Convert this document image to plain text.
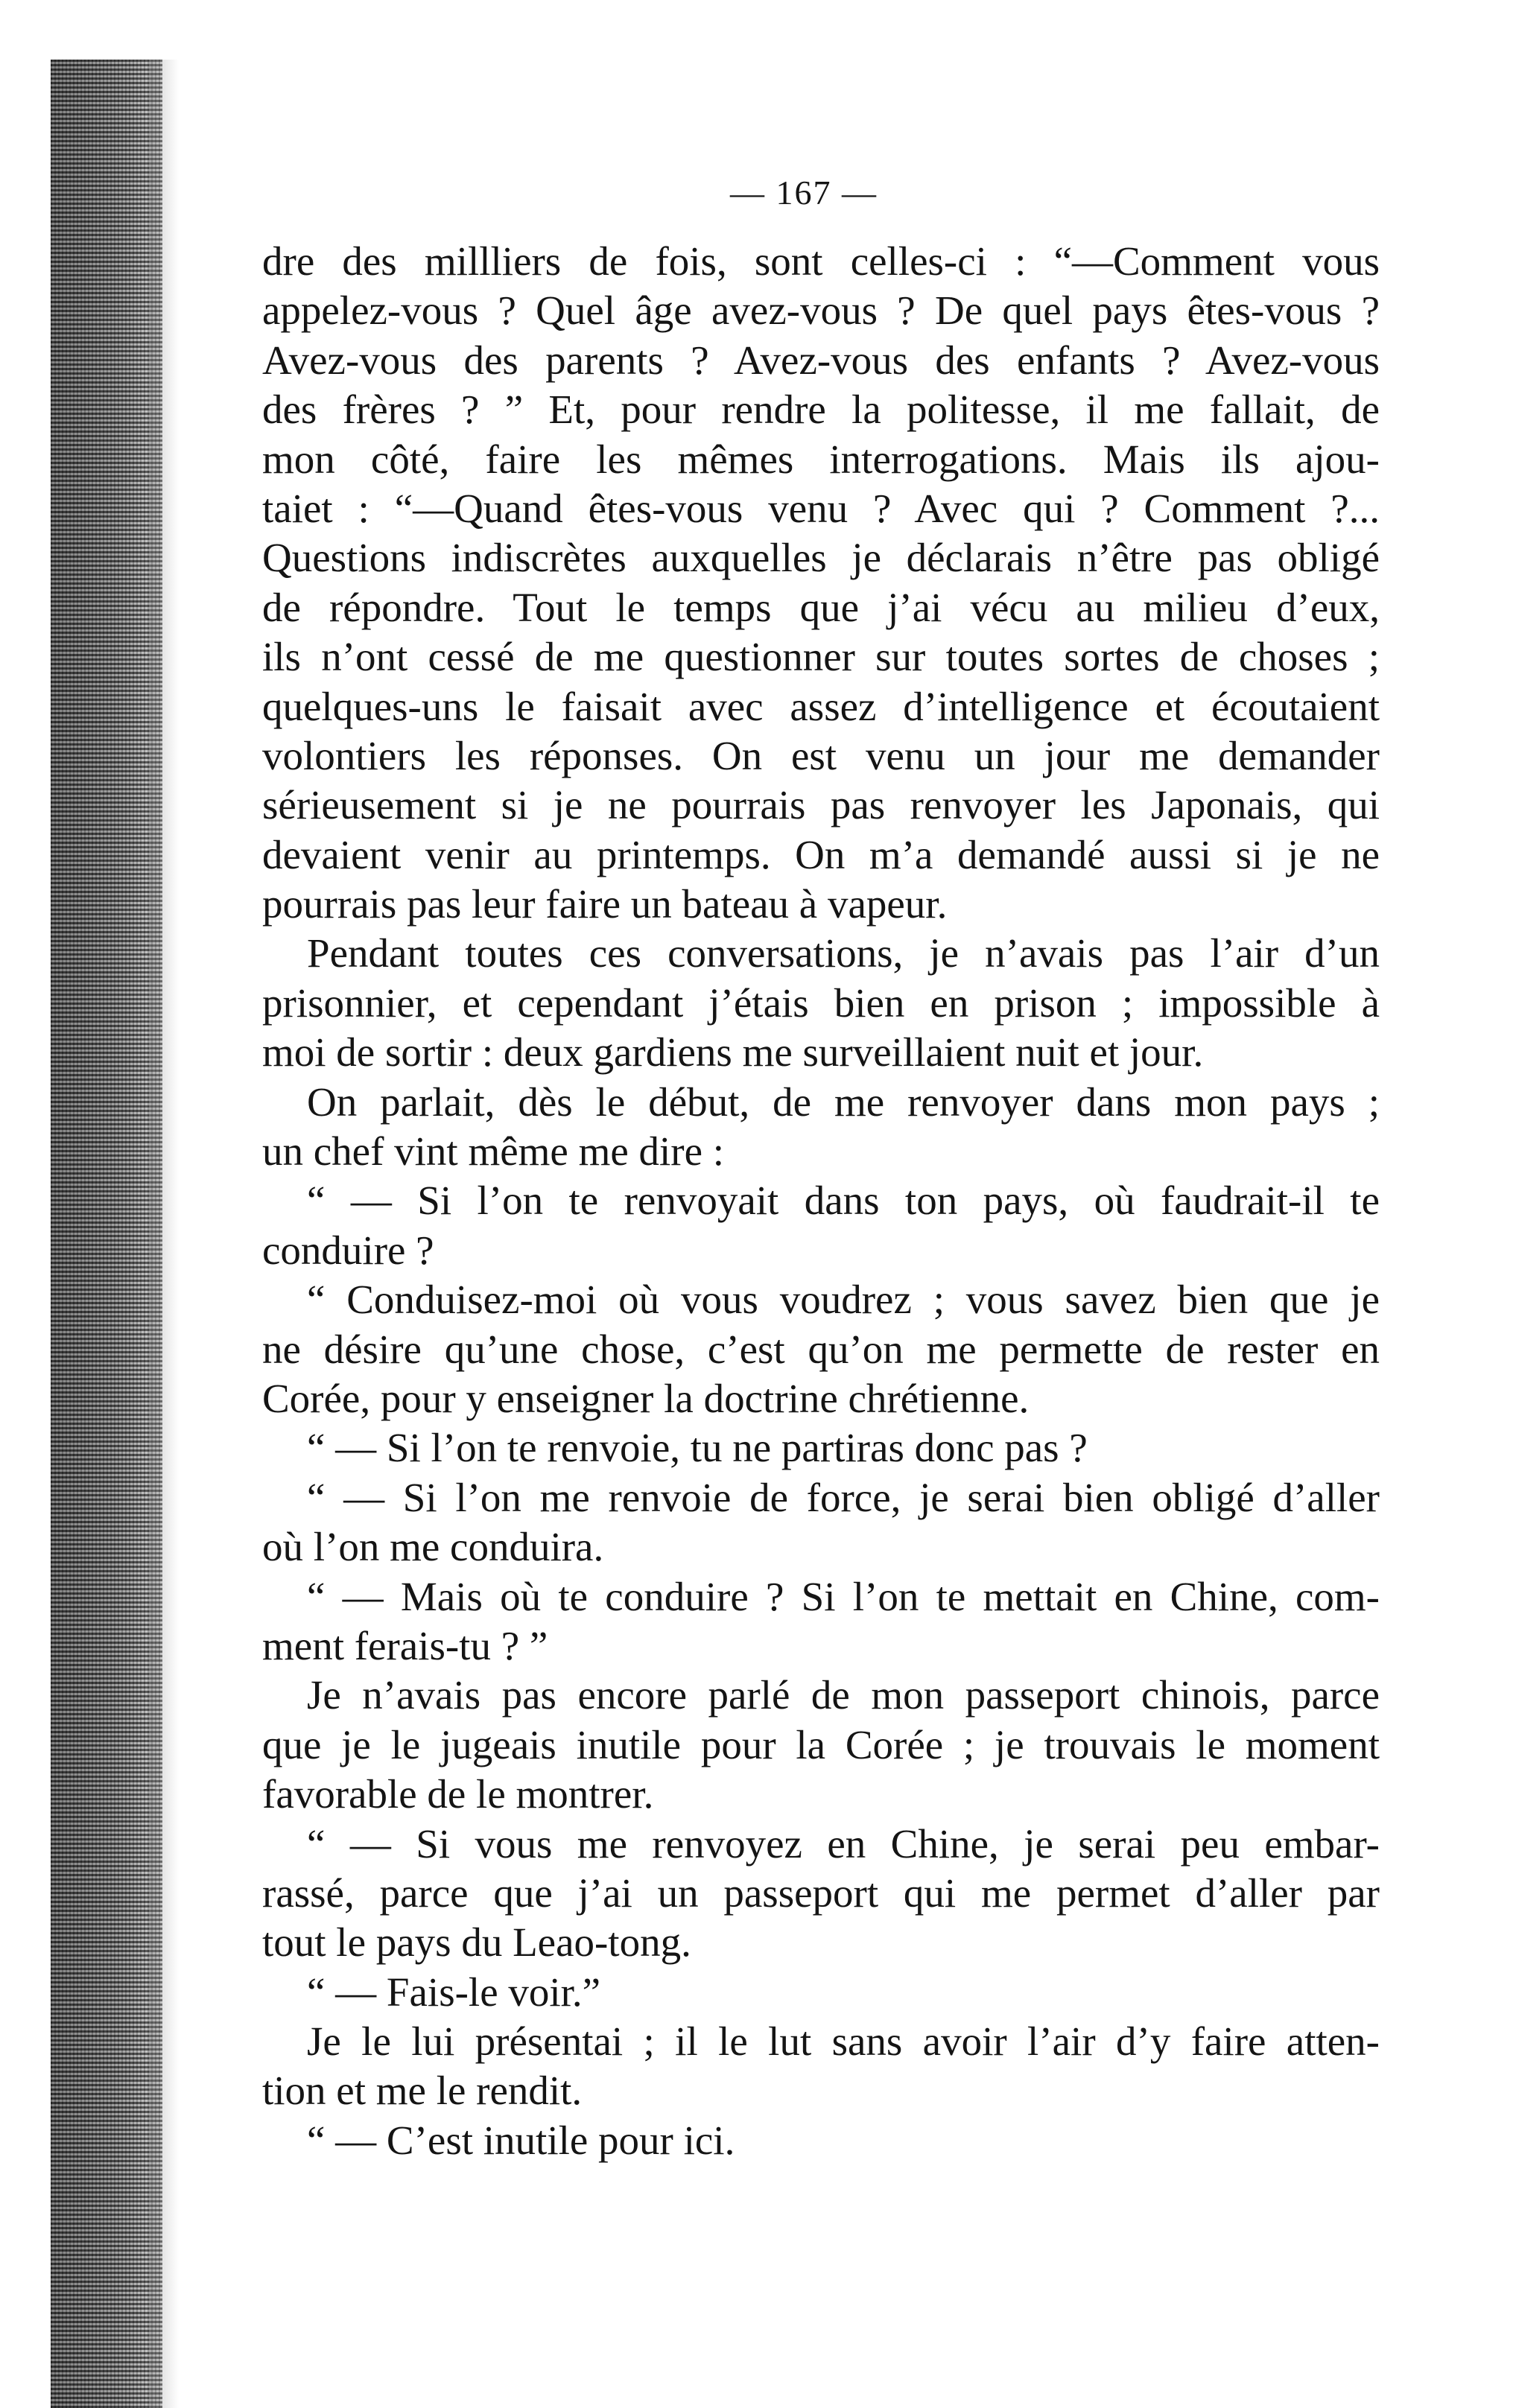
— 167 —
dre des millliers de fois, sont celles-ci : “—Comment vous
appelez-vous ? Quel âge avez-vous ? De quel pays êtes-vous ?
Avez-vous des parents ? Avez-vous des enfants ? Avez-vous
des frères ? ” Et, pour rendre la politesse, il me fallait, de
mon côté, faire les mêmes interrogations. Mais ils ajou-
taiet : “—Quand êtes-vous venu ? Avec qui ? Comment ?...
Questions indiscrètes auxquelles je déclarais n’être pas obligé
de répondre. Tout le temps que j’ai vécu au milieu d’eux,
ils n’ont cessé de me questionner sur toutes sortes de choses ;
quelques-uns le faisait avec assez d’intelligence et écoutaient
volontiers les réponses. On est venu un jour me demander
sérieusement si je ne pourrais pas renvoyer les Japonais, qui
devaient venir au printemps. On m’a demandé aussi si je ne
pourrais pas leur faire un bateau à vapeur.
Pendant toutes ces conversations, je n’avais pas l’air d’un
prisonnier, et cependant j’étais bien en prison ; impossible à
moi de sortir : deux gardiens me surveillaient nuit et jour.
On parlait, dès le début, de me renvoyer dans mon pays ;
un chef vint même me dire :
“ — Si l’on te renvoyait dans ton pays, où faudrait-il te
conduire ?
“ Conduisez-moi où vous voudrez ; vous savez bien que je
ne désire qu’une chose, c’est qu’on me permette de rester en
Corée, pour y enseigner la doctrine chrétienne.
“ — Si l’on te renvoie, tu ne partiras donc pas ?
“ — Si l’on me renvoie de force, je serai bien obligé d’aller
où l’on me conduira.
“ — Mais où te conduire ? Si l’on te mettait en Chine, com-
ment ferais-tu ? ”
Je n’avais pas encore parlé de mon passeport chinois, parce
que je le jugeais inutile pour la Corée ; je trouvais le moment
favorable de le montrer.
“ — Si vous me renvoyez en Chine, je serai peu embar-
rassé, parce que j’ai un passeport qui me permet d’aller par
tout le pays du Leao-tong.
“ — Fais-le voir.”
Je le lui présentai ; il le lut sans avoir l’air d’y faire atten-
tion et me le rendit.
“ — C’est inutile pour ici.
